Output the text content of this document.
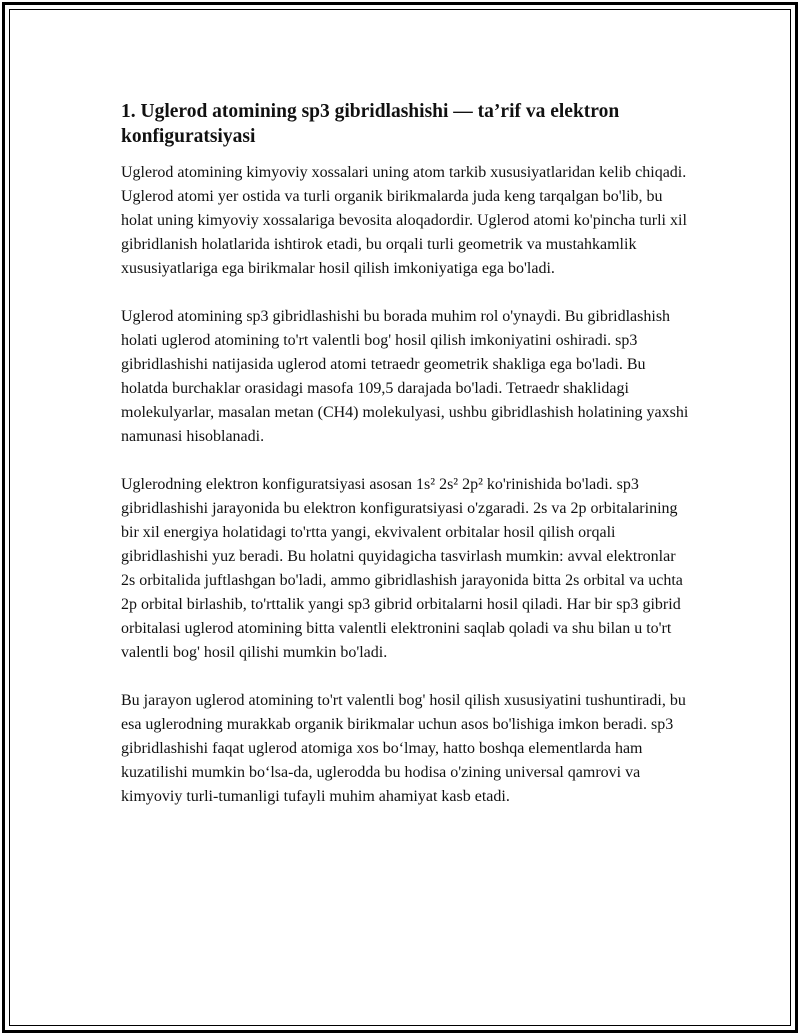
1. Uglerod atomining sp3 gibridlashishi — ta’rif va elektron konfiguratsiyasi

Uglerod atomining kimyoviy xossalari uning atom tarkib xususiyatlaridan kelib chiqadi. Uglerod atomi yer ostida va turli organik birikmalarda juda keng tarqalgan bo'lib, bu holat uning kimyoviy xossalariga bevosita aloqadordir. Uglerod atomi ko'pincha turli xil gibridlanish holatlarida ishtirok etadi, bu orqali turli geometrik va mustahkamlik xususiyatlariga ega birikmalar hosil qilish imkoniyatiga ega bo'ladi.

Uglerod atomining sp3 gibridlashishi bu borada muhim rol o'ynaydi. Bu gibridlashish holati uglerod atomining to'rt valentli bog' hosil qilish imkoniyatini oshiradi. sp3 gibridlashishi natijasida uglerod atomi tetraedr geometrik shakliga ega bo'ladi. Bu holatda burchaklar orasidagi masofa 109,5 darajada bo'ladi. Tetraedr shaklidagi molekulyarlar, masalan metan (CH4) molekulyasi, ushbu gibridlashish holatining yaxshi namunasi hisoblanadi.

Uglerodning elektron konfiguratsiyasi asosan 1s² 2s² 2p² ko'rinishida bo'ladi. sp3 gibridlashishi jarayonida bu elektron konfiguratsiyasi o'zgaradi. 2s va 2p orbitalarining bir xil energiya holatidagi to'rtta yangi, ekvivalent orbitalar hosil qilish orqali gibridlashishi yuz beradi. Bu holatni quyidagicha tasvirlash mumkin: avval elektronlar 2s orbitalida juftlashgan bo'ladi, ammo gibridlashish jarayonida bitta 2s orbital va uchta 2p orbital birlashib, to'rttalik yangi sp3 gibrid orbitalarni hosil qiladi. Har bir sp3 gibrid orbitalasi uglerod atomining bitta valentli elektronini saqlab qoladi va shu bilan u to'rt valentli bog' hosil qilishi mumkin bo'ladi.

Bu jarayon uglerod atomining to'rt valentli bog' hosil qilish xususiyatini tushuntiradi, bu esa uglerodning murakkab organik birikmalar uchun asos bo'lishiga imkon beradi. sp3 gibridlashishi faqat uglerod atomiga xos bo‘lmay, hatto boshqa elementlarda ham kuzatilishi mumkin bo‘lsa-da, uglerodda bu hodisa o'zining universal qamrovi va kimyoviy turli-tumanligi tufayli muhim ahamiyat kasb etadi.
